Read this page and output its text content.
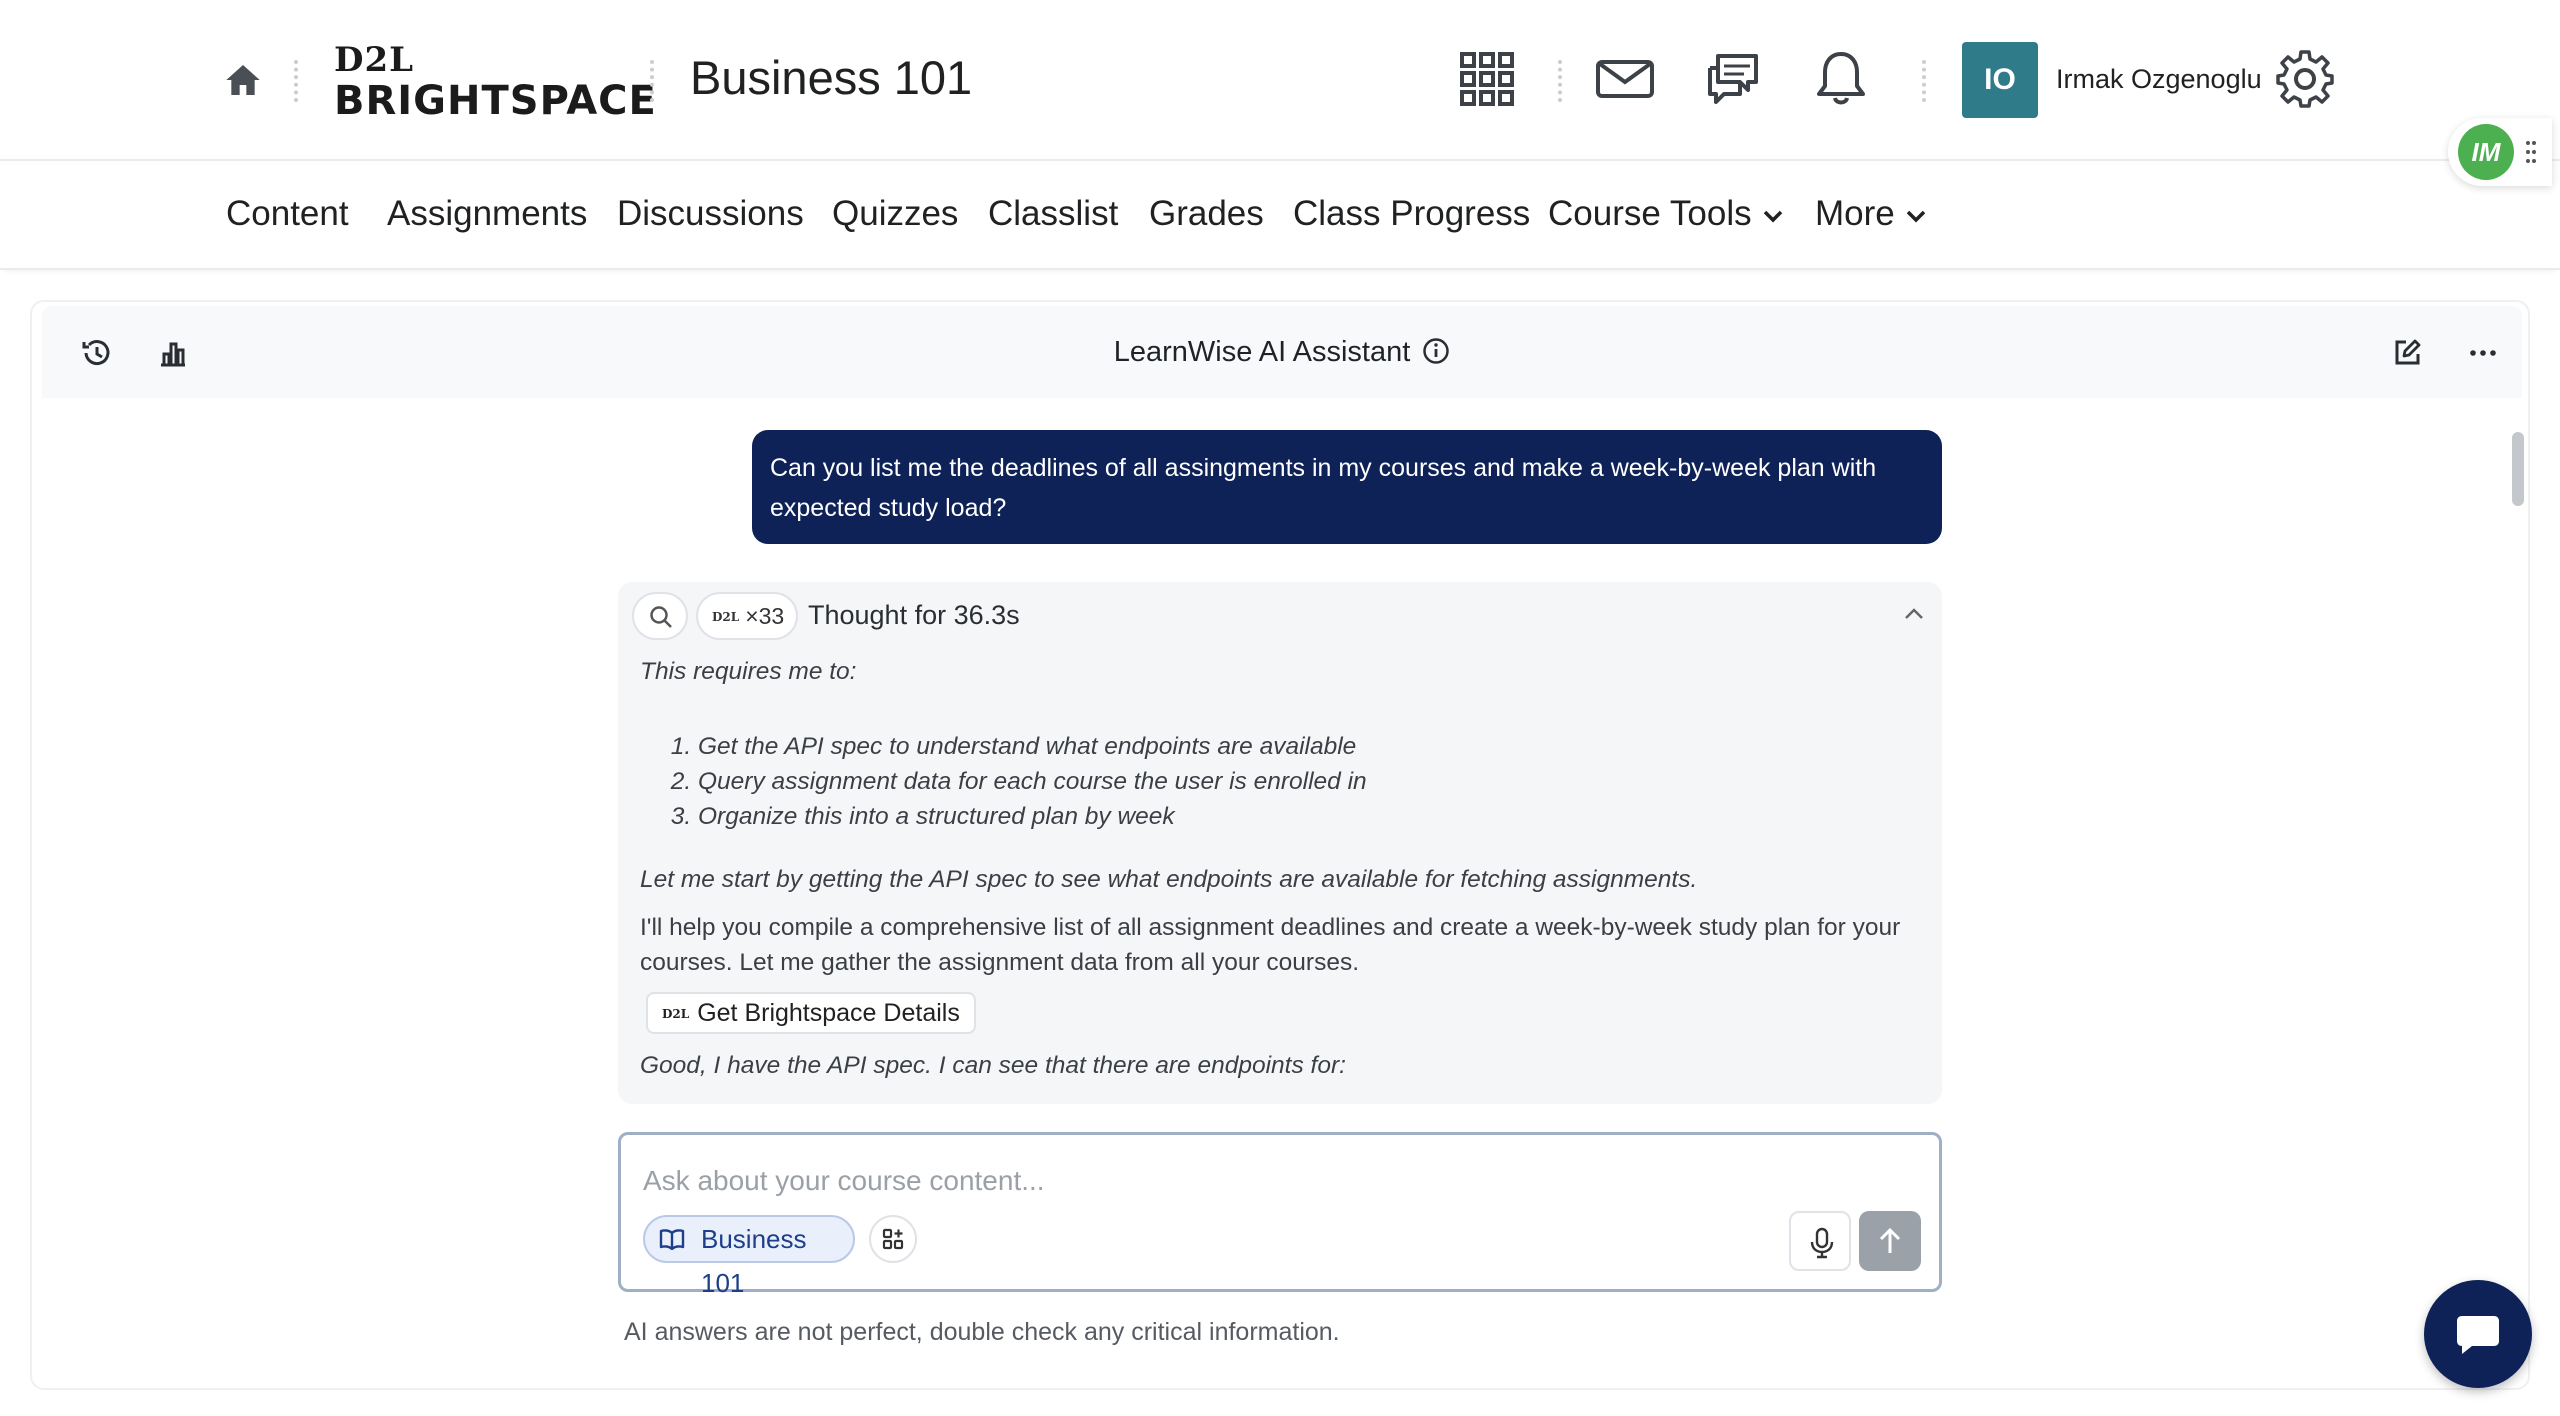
D2L
BRIGHTSPACE Business 101	IO	Irmak Ozgenoglu
IM
Content Assignments Discussions Quizzes Classlist Grades Class Progress Course Tools	More
LearnWise AI Assistant
Can you list me the deadlines of all assingments in my courses and make a week-by-week plan with expected study load?
D2L ×33 Thought for 36.3s

This requires me to:

1. Get the API spec to understand what endpoints are available
2. Query assignment data for each course the user is enrolled in
3. Organize this into a structured plan by week

Let me start by getting the API spec to see what endpoints are available for fetching assignments.

I'll help you compile a comprehensive list of all assignment deadlines and create a week-by-week study plan for your courses. Let me gather the assignment data from all your courses.

D2L Get Brightspace Details

Good, I have the API spec. I can see that there are endpoints for:

Ask about your course content...
Business 101
AI answers are not perfect, double check any critical information.
